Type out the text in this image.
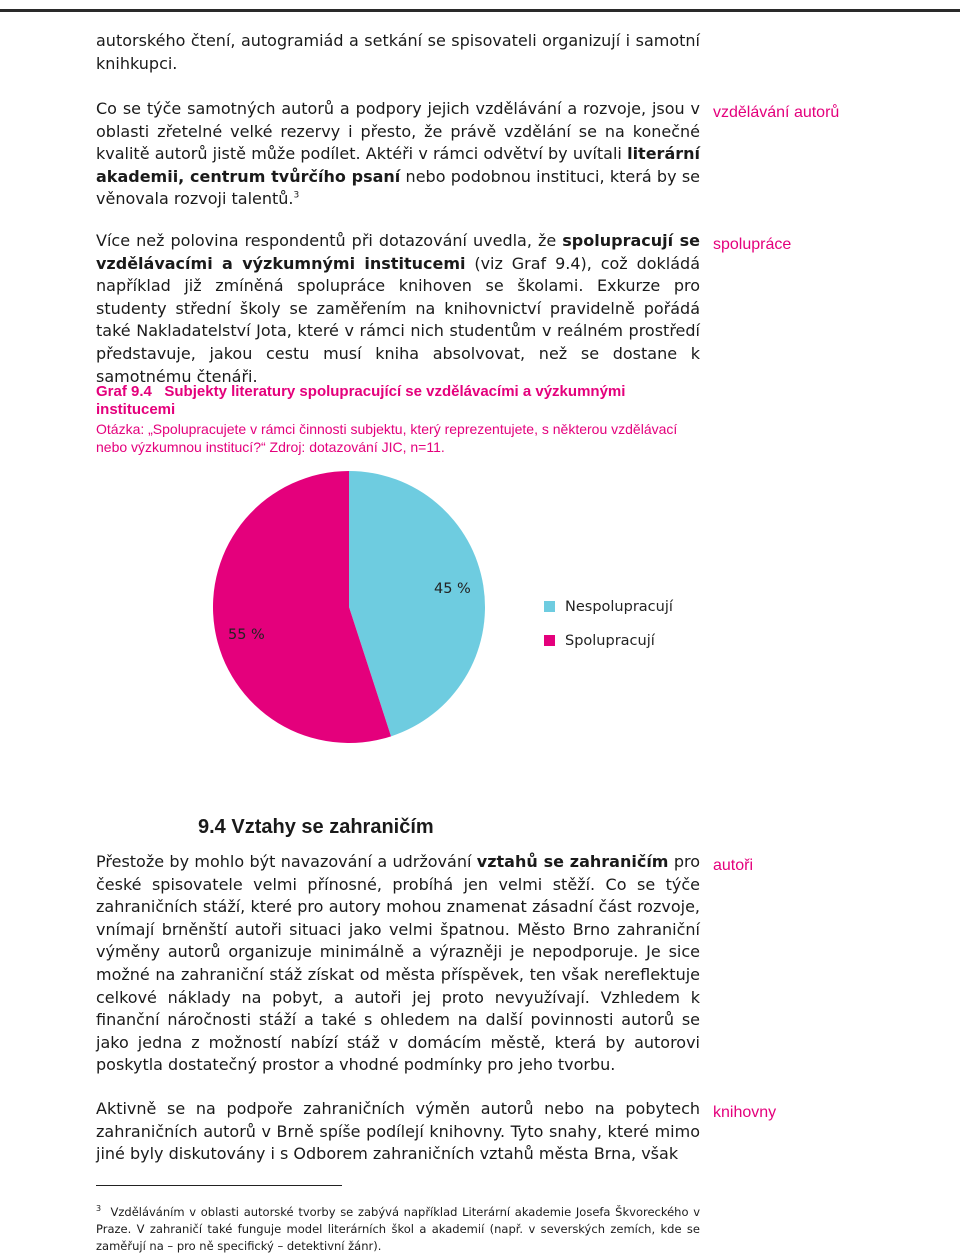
autorského čtení, autogramiád a setkání se spisovateli organizují i samotní knihkupci.

Co se týče samotných autorů a podpory jejich vzdělávání a rozvoje, jsou v oblasti zřetelné velké rezervy i přesto, že právě vzdělání se na konečné kvalitě autorů jistě může podílet. Aktéři v rámci odvětví by uvítali literární akademii, centrum tvůrčího psaní nebo podobnou instituci, která by se věnovala rozvoji talentů.$^3$

vzdělávání autorů

Více než polovina respondentů při dotazování uvedla, že spolupracují se vzdělávacími a výzkumnými institucemi (viz Graf 9.4), což dokládá například již zmíněná spolupráce knihoven se školami. Exkurze pro studenty střední školy se zaměřením na knihovnictví pravidelně pořádá také Nakladatelství Jota, které v rámci nich studentům v reálném prostředí představuje, jakou cestu musí kniha absolvovat, než se dostane k samotnému čtenáři.

spolupráce

Graf 9.4 Subjekty literatury spolupracující se vzdělávacími a výzkumnými institucemi

Otázka: „Spolupracujete v rámci činnosti subjektu, který reprezentujete, s některou vzdělávací nebo výzkumnou institucí?“ Zdroj: dotazování JIC, n=11.

45 %
55 %
Nespolupracují
Spolupracují
9.4 Vztahy se zahraničím

Přestože by mohlo být navazování a udržování vztahů se zahraničím pro české spisovatele velmi přínosné, probíhá jen velmi stěží. Co se týče zahraničních stáží, které pro autory mohou znamenat zásadní část rozvoje, vnímají brněnští autoři situaci jako velmi špatnou. Město Brno zahraniční výměny autorů organizuje minimálně a výrazněji je nepodporuje. Je sice možné na zahraniční stáž získat od města příspěvek, ten však nereflektuje celkové náklady na pobyt, a autoři jej proto nevyužívají. Vzhledem k finanční náročnosti stáží a také s ohledem na další povinnosti autorů se jako jedna z možností nabízí stáž v domácím městě, která by autorovi poskytla dostatečný prostor a vhodné podmínky pro jeho tvorbu.

autoři

Aktivně se na podpoře zahraničních výměn autorů nebo na pobytech zahraničních autorů v Brně spíše podílejí knihovny. Tyto snahy, které mimo jiné byly diskutovány i s Odborem zahraničních vztahů města Brna, však

knihovny

$^3$ Vzděláváním v oblasti autorské tvorby se zabývá například Literární akademie Josefa Škvoreckého v Praze. V zahraničí také funguje model literárních škol a akademií (např. v severských zemích, kde se zaměřují na – pro ně specifický – detektivní žánr).
